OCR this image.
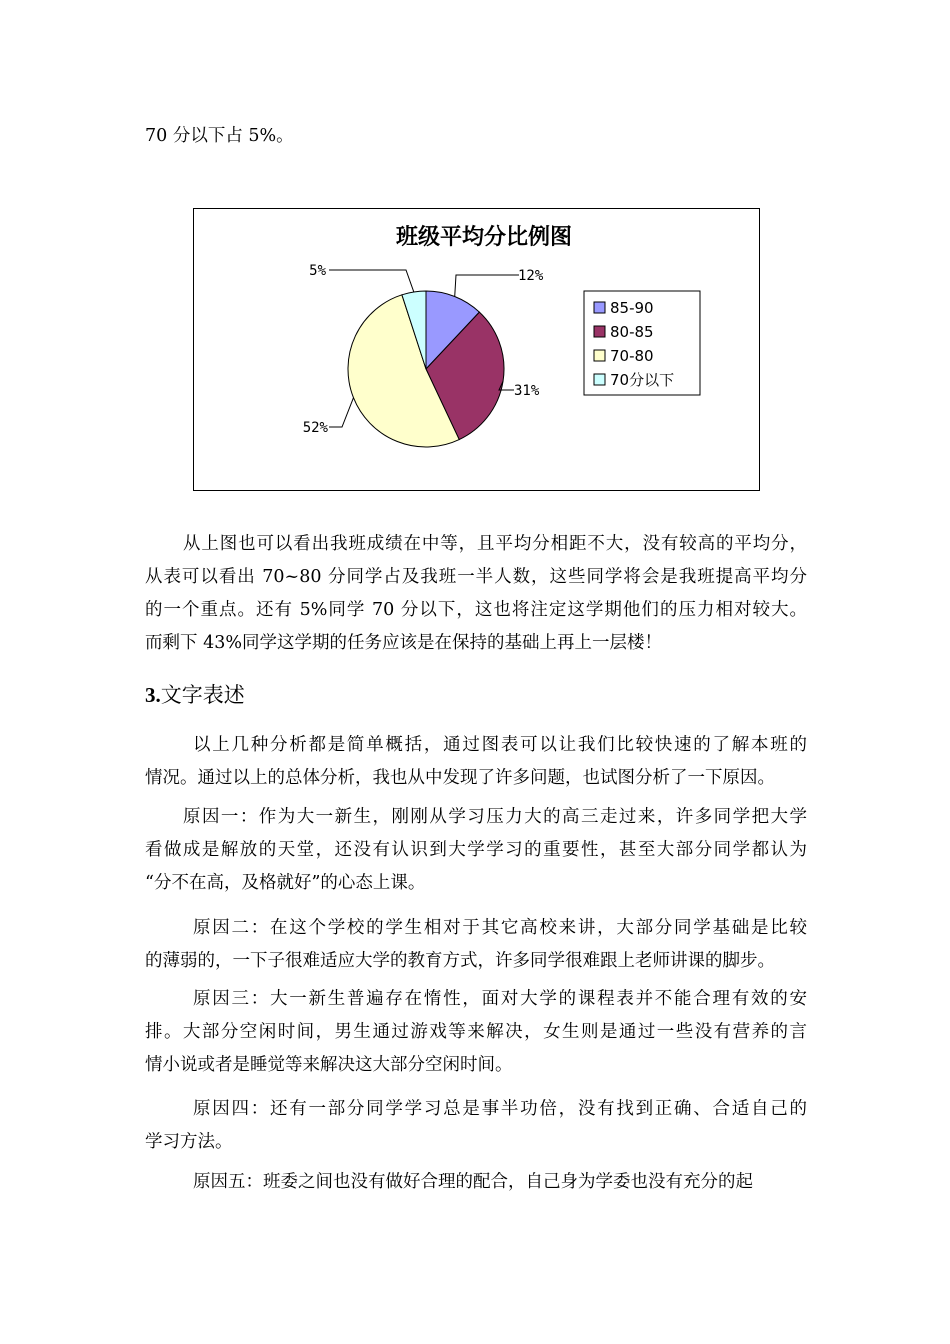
70 分以下占 5%。
班级平均分比例图
12%
31%
52%
5%
85-90
80-85
70-80
70分以下
从上图也可以看出我班成绩在中等，且平均分相距不大，没有较高的平均分，
从表可以看出 70~80 分同学占及我班一半人数，这些同学将会是我班提高平均分
的一个重点。还有 5%同学 70 分以下，这也将注定这学期他们的压力相对较大。
而剩下 43%同学这学期的任务应该是在保持的基础上再上一层楼！
3.文字表述
以上几种分析都是简单概括，通过图表可以让我们比较快速的了解本班的
情况。通过以上的总体分析，我也从中发现了许多问题，也试图分析了一下原因。
原因一：作为大一新生，刚刚从学习压力大的高三走过来，许多同学把大学
看做成是解放的天堂，还没有认识到大学学习的重要性，甚至大部分同学都认为
“分不在高，及格就好”的心态上课。
原因二：在这个学校的学生相对于其它高校来讲，大部分同学基础是比较
的薄弱的，一下子很难适应大学的教育方式，许多同学很难跟上老师讲课的脚步。
原因三：大一新生普遍存在惰性，面对大学的课程表并不能合理有效的安
排。大部分空闲时间，男生通过游戏等来解决，女生则是通过一些没有营养的言
情小说或者是睡觉等来解决这大部分空闲时间。
原因四：还有一部分同学学习总是事半功倍，没有找到正确、合适自己的
学习方法。
原因五：班委之间也没有做好合理的配合，自己身为学委也没有充分的起
